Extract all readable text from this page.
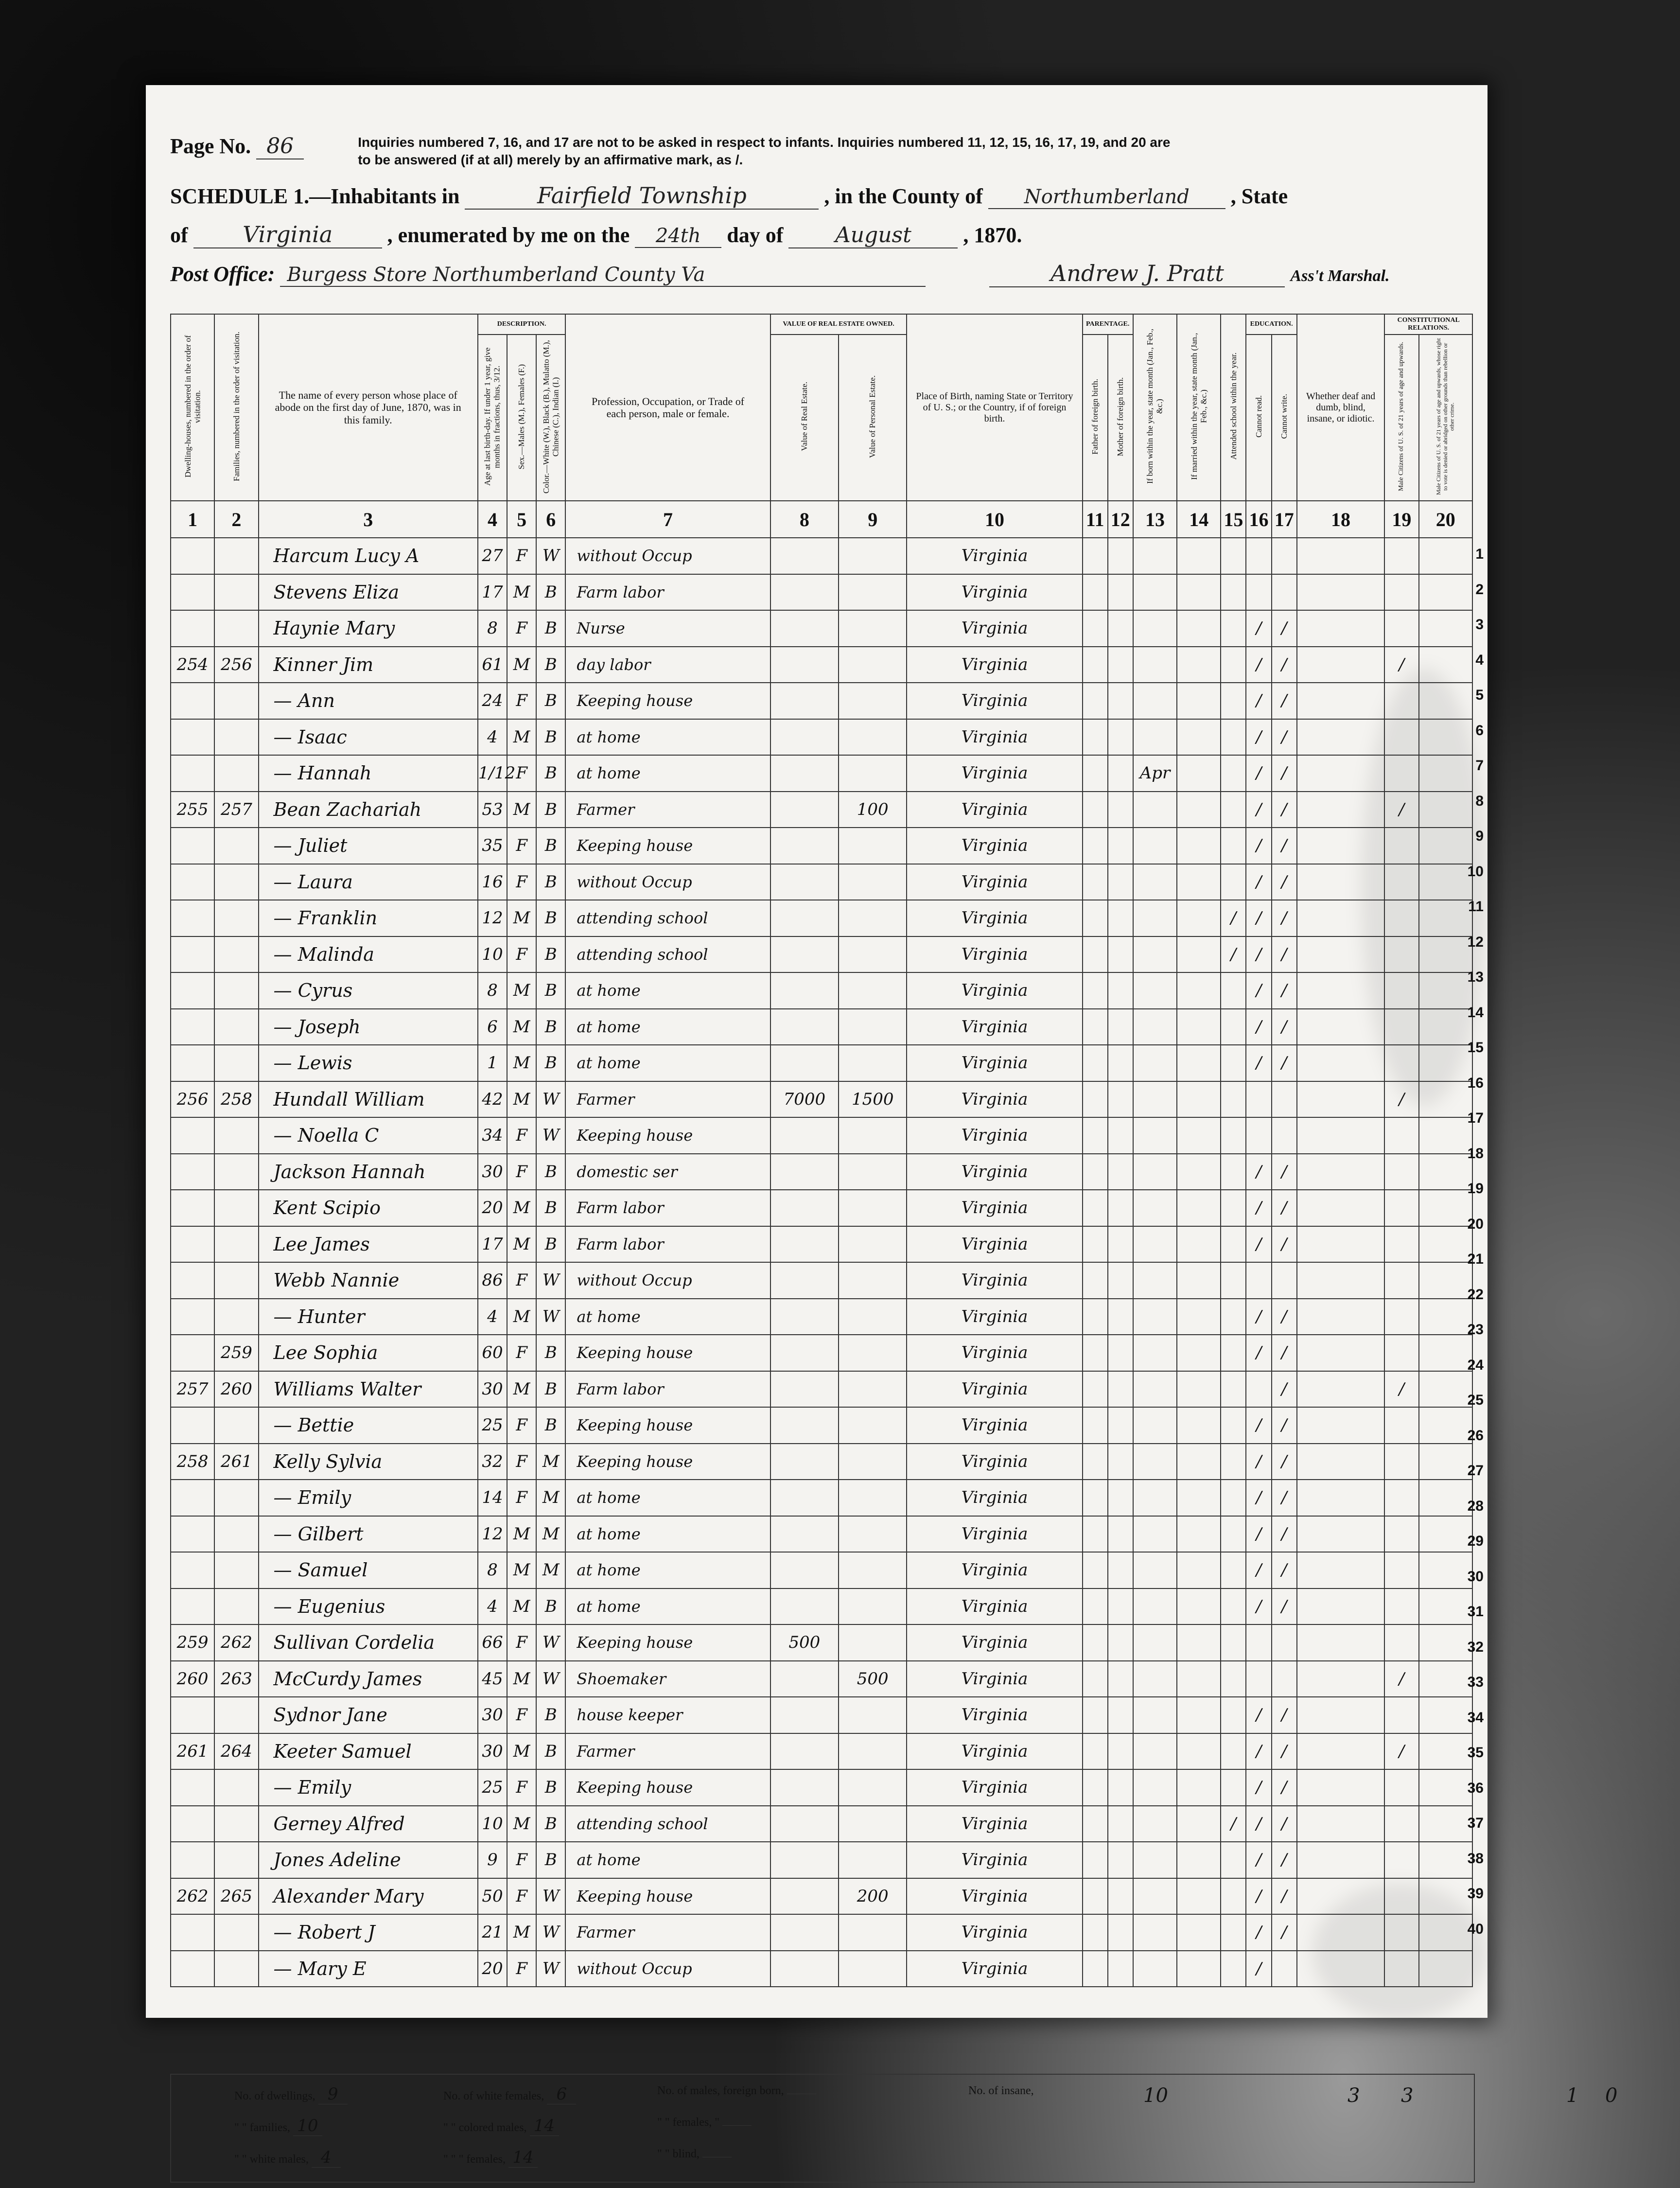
Page No. 86	Inquiries numbered 7, 16, and 17 are not to be asked in respect to infants. Inquiries numbered 11, 12, 15, 16, 17, 19, and 20 are to be answered (if at all) merely by an affirmative mark, as /.
SCHEDULE 1.—Inhabitants in	Fairfield Township	, in the County of Northumberland , State
of Virginia	, enumerated by me on the 24th day of August , 1870.
Post Office: Burgess Store Northumberland County Va	Andrew J. Pratt	Ass't Marshal.
Dwelling-houses, numbered in the order of visitation.	Families, numbered in the order of visitation.	The name of every person whose place of abode on the first day of June, 1870, was in this family.	DESCRIPTION.			Profession, Occupation, or Trade of each person, male or female.	VALUE OF REAL ESTATE OWNED.		Place of Birth, naming State or Territory of U. S.; or the Country, if of foreign birth.	PARENTAGE.		If born within the year, state month (Jan., Feb., &c.)	If married within the year, state month (Jan., Feb., &c.)	Attended school within the year.	EDUCATION.		Whether deaf and dumb, blind, insane, or idiotic.	CONSTITUTIONAL RELATIONS.	
			Age at last birth-day. If under 1 year, give months in fractions, thus, 3/12.	Sex.—Males (M.), Females (F.)	Color.—White (W.), Black (B.), Mulatto (M.), Chinese (C.), Indian (I.)		Value of Real Estate.	Value of Personal Estate.		Father of foreign birth.	Mother of foreign birth.				Cannot read.	Cannot write.		Male Citizens of U. S. of 21 years of age and upwards.	Male Citizens of U. S. of 21 years of age and upwards, whose right to vote is denied or abridged on other grounds than rebellion or other crime.
1	2	3	4	5	6	7	8	9	10	11	12	13	14	15	16	17	18	19	20
		Harcum Lucy A	27	F	W	without Occup			Virginia										
		Stevens Eliza	17	M	B	Farm labor			Virginia										
		Haynie Mary	8	F	B	Nurse			Virginia						/	/			
254	256	Kinner Jim	61	M	B	day labor			Virginia						/	/		/	
		— Ann	24	F	B	Keeping house			Virginia						/	/			
		— Isaac	4	M	B	at home			Virginia						/	/			
		— Hannah	1/12	F	B	at home			Virginia			Apr			/	/			
255	257	Bean Zachariah	53	M	B	Farmer		100	Virginia						/	/		/	
		— Juliet	35	F	B	Keeping house			Virginia						/	/			
		— Laura	16	F	B	without Occup			Virginia						/	/			
		— Franklin	12	M	B	attending school			Virginia					/	/	/			
		— Malinda	10	F	B	attending school			Virginia					/	/	/			
		— Cyrus	8	M	B	at home			Virginia						/	/			
		— Joseph	6	M	B	at home			Virginia						/	/			
		— Lewis	1	M	B	at home			Virginia						/	/			
256	258	Hundall William	42	M	W	Farmer	7000	1500	Virginia									/	
		— Noella C	34	F	W	Keeping house			Virginia										
		Jackson Hannah	30	F	B	domestic ser			Virginia						/	/			
		Kent Scipio	20	M	B	Farm labor			Virginia						/	/			
		Lee James	17	M	B	Farm labor			Virginia						/	/			
		Webb Nannie	86	F	W	without Occup			Virginia										
		— Hunter	4	M	W	at home			Virginia						/	/			
	259	Lee Sophia	60	F	B	Keeping house			Virginia						/	/			
257	260	Williams Walter	30	M	B	Farm labor			Virginia							/		/	
		— Bettie	25	F	B	Keeping house			Virginia						/	/			
258	261	Kelly Sylvia	32	F	M	Keeping house			Virginia						/	/			
		— Emily	14	F	M	at home			Virginia						/	/			
		— Gilbert	12	M	M	at home			Virginia						/	/			
		— Samuel	8	M	M	at home			Virginia						/	/			
		— Eugenius	4	M	B	at home			Virginia						/	/			
259	262	Sullivan Cordelia	66	F	W	Keeping house	500		Virginia										
260	263	McCurdy James	45	M	W	Shoemaker		500	Virginia									/	
		Sydnor Jane	30	F	B	house keeper			Virginia						/	/			
261	264	Keeter Samuel	30	M	B	Farmer			Virginia						/	/		/	
		— Emily	25	F	B	Keeping house			Virginia						/	/			
		Gerney Alfred	10	M	B	attending school			Virginia					/	/	/			
		Jones Adeline	9	F	B	at home			Virginia						/	/			
262	265	Alexander Mary	50	F	W	Keeping house		200	Virginia						/	/			
		— Robert J	21	M	W	Farmer			Virginia						/	/			
		— Mary E	20	F	W	without Occup			Virginia						/				
No. of dwellings, 9
" " families, 10
" " white males, 4
No. of white females, 6
" " colored males, 14
" " " females, 14
No. of males, foreign born,
" " females, "
" " blind,
No. of insane,	10	3 3	1 0
1
2
3
4
5
6
7
8
9
10
11
12
13
14
15
16
17
18
19
20
21
22
23
24
25
26
27
28
29
30
31
32
33
34
35
36
37
38
39
40
